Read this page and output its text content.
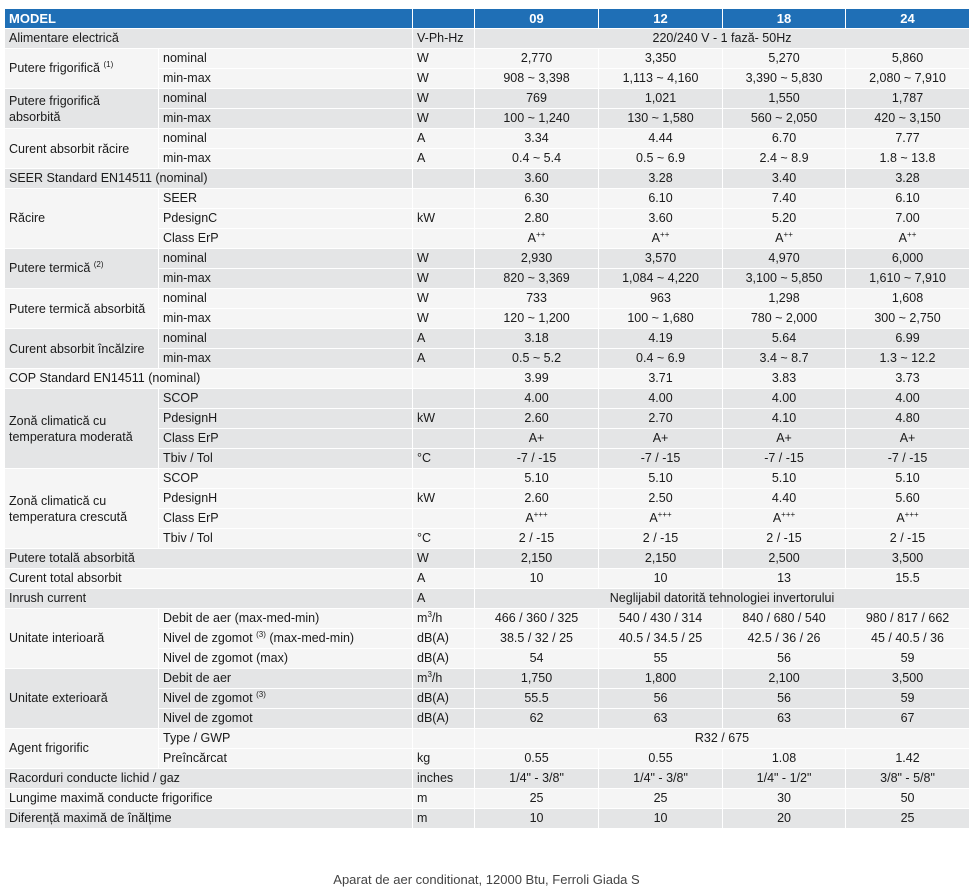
MODEL			09	12	18	24
Alimentare electrică		V-Ph-Hz	220/240 V - 1 fază- 50Hz			
Putere frigorifică $^{(1)}$	nominal	W	2,770	3,350	5,270	5,860
	min-max	W	908 ~ 3,398	1,113 ~ 4,160	3,390 ~ 5,830	2,080 ~ 7,910
Putere frigorifică absorbită	nominal	W	769	1,021	1,550	1,787
	min-max	W	100 ~ 1,240	130 ~ 1,580	560 ~ 2,050	420 ~ 3,150
Curent absorbit răcire	nominal	A	3.34	4.44	6.70	7.77
	min-max	A	0.4 ~ 5.4	0.5 ~ 6.9	2.4 ~ 8.9	1.8 ~ 13.8
SEER Standard EN14511 (nominal)			3.60	3.28	3.40	3.28
Răcire	SEER		6.30	6.10	7.40	6.10
	PdesignC	kW	2.80	3.60	5.20	7.00
	Class ErP		A++	A++	A++	A++
Putere termică $^{(2)}$	nominal	W	2,930	3,570	4,970	6,000
	min-max	W	820 ~ 3,369	1,084 ~ 4,220	3,100 ~ 5,850	1,610 ~ 7,910
Putere termică absorbită	nominal	W	733	963	1,298	1,608
	min-max	W	120 ~ 1,200	100 ~ 1,680	780 ~ 2,000	300 ~ 2,750
Curent absorbit încălzire	nominal	A	3.18	4.19	5.64	6.99
	min-max	A	0.5 ~ 5.2	0.4 ~ 6.9	3.4 ~ 8.7	1.3 ~ 12.2
COP Standard EN14511 (nominal)			3.99	3.71	3.83	3.73
Zonă climatică cu temperatura moderată	SCOP		4.00	4.00	4.00	4.00
	PdesignH	kW	2.60	2.70	4.10	4.80
	Class ErP		A+	A+	A+	A+
	Tbiv / Tol	°C	-7 / -15	-7 / -15	-7 / -15	-7 / -15
Zonă climatică cu temperatura crescută	SCOP		5.10	5.10	5.10	5.10
	PdesignH	kW	2.60	2.50	4.40	5.60
	Class ErP		A+++	A+++	A+++	A+++
	Tbiv / Tol	°C	2 / -15	2 / -15	2 / -15	2 / -15
Putere totală absorbită		W	2,150	2,150	2,500	3,500
Curent total absorbit		A	10	10	13	15.5
Inrush current		A	Neglijabil datorită tehnologiei invertorului			
Unitate interioară	Debit de aer (max-med-min)	$m^3/h$	466 / 360 / 325	540 / 430 / 314	840 / 680 / 540	980 / 817 / 662
	Nivel de zgomot $^{(3)}$ (max-med-min)	dB(A)	38.5 / 32 / 25	40.5 / 34.5 / 25	42.5 / 36 / 26	45 / 40.5 / 36
	Nivel de zgomot (max)	dB(A)	54	55	56	59
Unitate exterioară	Debit de aer	$m^3/h$	1,750	1,800	2,100	3,500
	Nivel de zgomot $^{(3)}$	dB(A)	55.5	56	56	59
	Nivel de zgomot	dB(A)	62	63	63	67
Agent frigorific	Type / GWP		R32 / 675			
	Preîncărcat	kg	0.55	0.55	1.08	1.42
Racorduri conducte lichid / gaz		inches	1/4" - 3/8"	1/4" - 3/8"	1/4" - 1/2"	3/8" - 5/8"
Lungime maximă conducte frigorifice		m	25	25	30	50
Diferență maximă de înălțime		m	10	10	20	25
Aparat de aer conditionat, 12000 Btu, Ferroli Giada S
